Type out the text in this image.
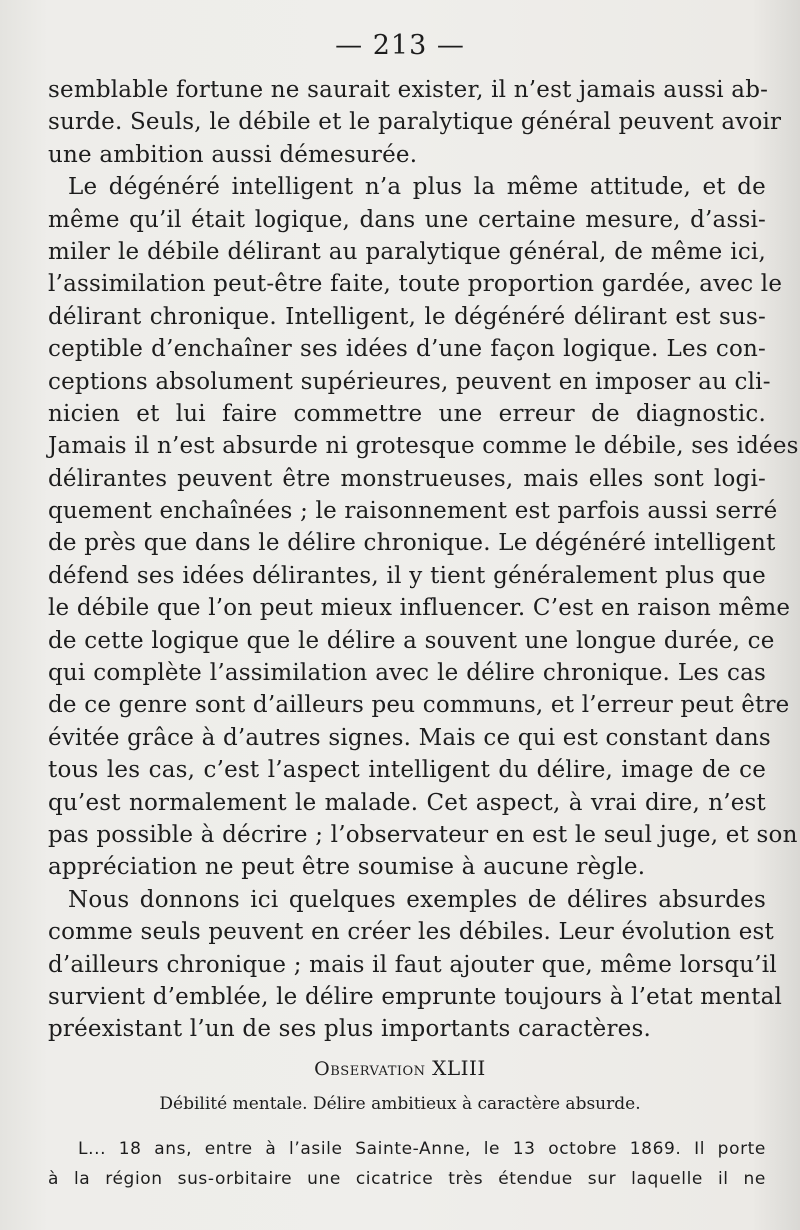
— 213 —
semblable fortune ne saurait exister, il n’est jamais aussi ab-
surde. Seuls, le débile et le paralytique général peuvent avoir
une ambition aussi démesurée.
Le dégénéré intelligent n’a plus la même attitude, et de
même qu’il était logique, dans une certaine mesure, d’assi-
miler le débile délirant au paralytique général, de même ici,
l’assimilation peut-être faite, toute proportion gardée, avec le
délirant chronique. Intelligent, le dégénéré délirant est sus-
ceptible d’enchaîner ses idées d’une façon logique. Les con-
ceptions absolument supérieures, peuvent en imposer au cli-
nicien et lui faire commettre une erreur de diagnostic.
Jamais il n’est absurde ni grotesque comme le débile, ses idées
délirantes peuvent être monstrueuses, mais elles sont logi-
quement enchaînées ; le raisonnement est parfois aussi serré
de près que dans le délire chronique. Le dégénéré intelligent
défend ses idées délirantes, il y tient généralement plus que
le débile que l’on peut mieux influencer. C’est en raison même
de cette logique que le délire a souvent une longue durée, ce
qui complète l’assimilation avec le délire chronique. Les cas
de ce genre sont d’ailleurs peu communs, et l’erreur peut être
évitée grâce à d’autres signes. Mais ce qui est constant dans
tous les cas, c’est l’aspect intelligent du délire, image de ce
qu’est normalement le malade. Cet aspect, à vrai dire, n’est
pas possible à décrire ; l’observateur en est le seul juge, et son
appréciation ne peut être soumise à aucune règle.
Nous donnons ici quelques exemples de délires absurdes
comme seuls peuvent en créer les débiles. Leur évolution est
d’ailleurs chronique ; mais il faut ajouter que, même lorsqu’il
survient d’emblée, le délire emprunte toujours à l’etat mental
préexistant l’un de ses plus importants caractères.
Observation XLIII
Débilité mentale. Délire ambitieux à caractère absurde.
L... 18 ans, entre à l’asile Sainte-Anne, le 13 octobre 1869. Il porte
à la région sus-orbitaire une cicatrice très étendue sur laquelle il ne
